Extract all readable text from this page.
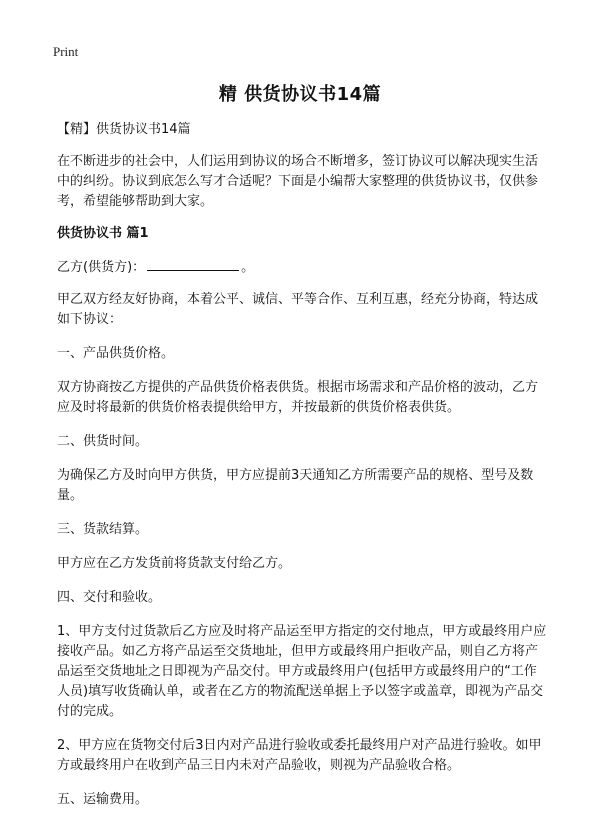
Print
精 供货协议书14篇

【精】供货协议书14篇

在不断进步的社会中，人们运用到协议的场合不断增多，签订协议可以解决现实生活中的纠纷。协议到底怎么写才合适呢？下面是小编帮大家整理的供货协议书，仅供参考，希望能够帮助到大家。

供货协议书 篇1

乙方(供货方)：	。

甲乙双方经友好协商，本着公平、诚信、平等合作、互利互惠，经充分协商，特达成如下协议：

一、产品供货价格。

双方协商按乙方提供的产品供货价格表供货。根据市场需求和产品价格的波动，乙方应及时将最新的供货价格表提供给甲方，并按最新的供货价格表供货。

二、供货时间。

为确保乙方及时向甲方供货，甲方应提前3天通知乙方所需要产品的规格、型号及数量。

三、货款结算。

甲方应在乙方发货前将货款支付给乙方。

四、交付和验收。

1、甲方支付过货款后乙方应及时将产品运至甲方指定的交付地点，甲方或最终用户应接收产品。如乙方将产品运至交货地址，但甲方或最终用户拒收产品，则自乙方将产品运至交货地址之日即视为产品交付。甲方或最终用户(包括甲方或最终用户的“工作人员)填写收货确认单，或者在乙方的物流配送单据上予以签字或盖章，即视为产品交付的完成。

2、甲方应在货物交付后3日内对产品进行验收或委托最终用户对产品进行验收。如甲方或最终用户在收到产品三日内未对产品验收，则视为产品验收合格。

五、运输费用。
